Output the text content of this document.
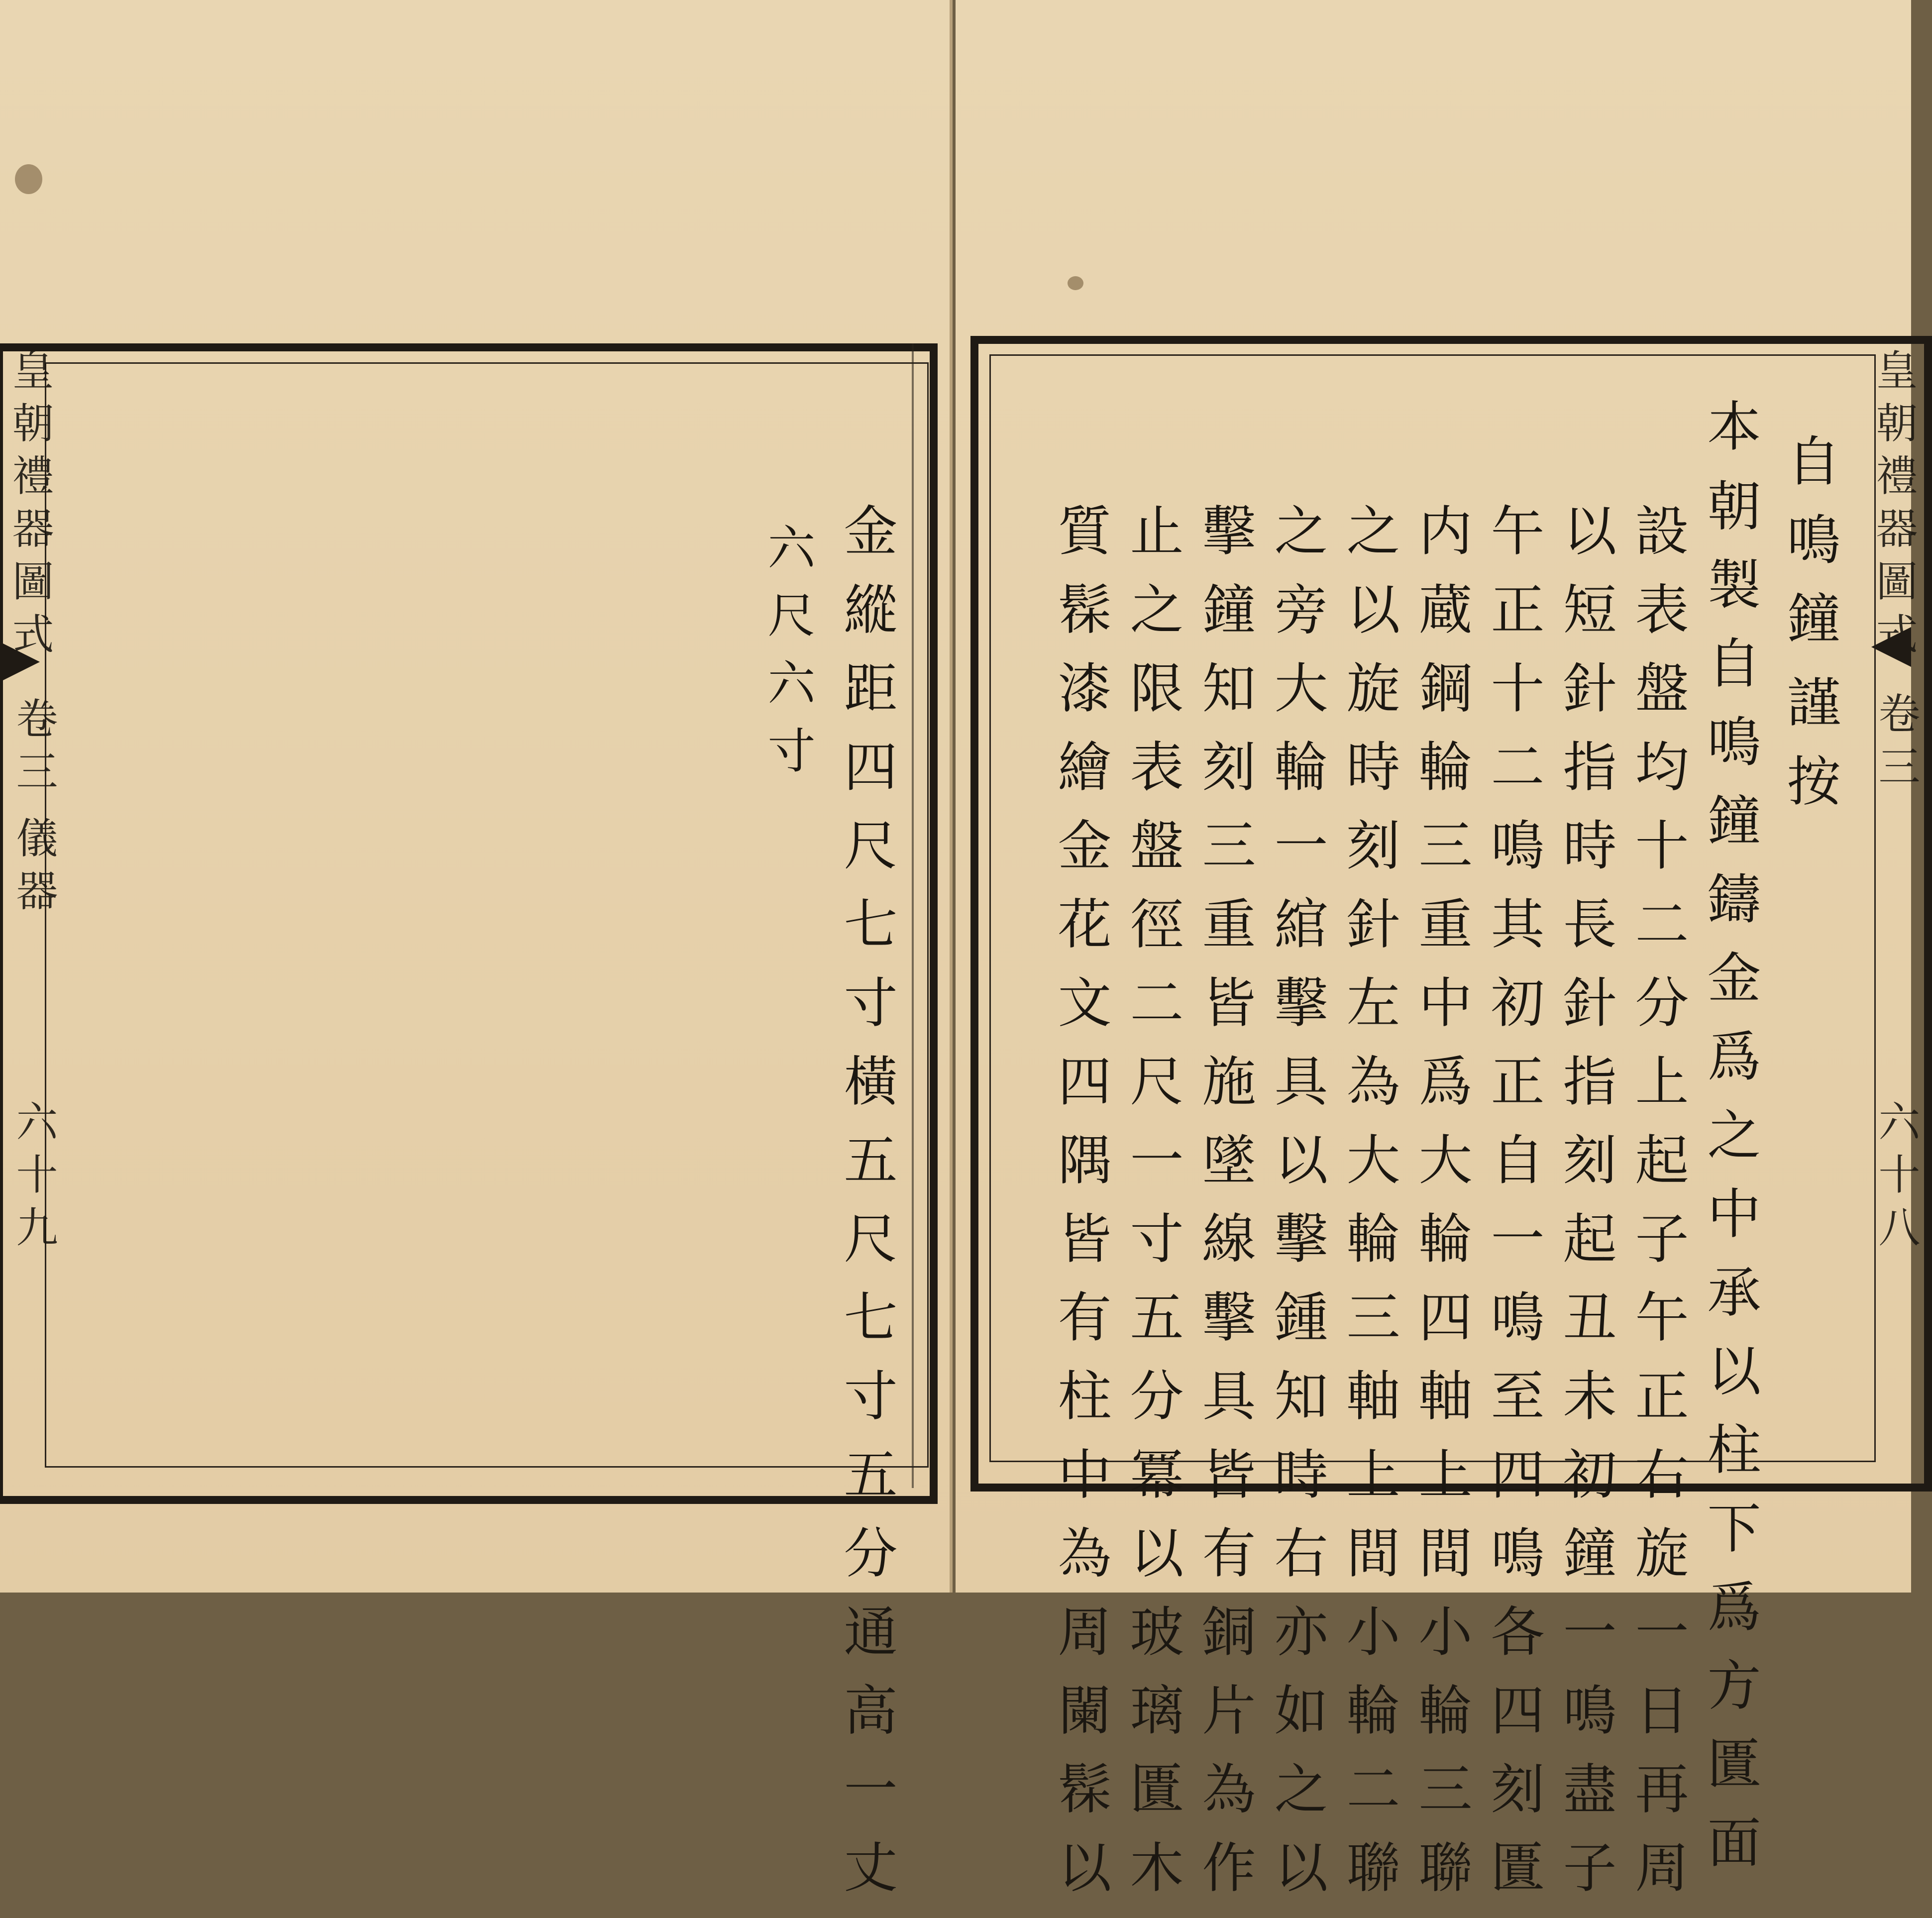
皇朝禮器圖式
卷三
儀器
六十九	金縱距四尺七寸橫五尺七寸五分通高一丈
六尺六寸	皇朝禮器圖式
卷三
六十八
自鳴鐘
謹按
本
朝製自鳴鐘鑄金爲之中承以柱下爲方匱面
設表盤均十二分上起子午正右旋一日再周
以短針指時長針指刻起丑未初鐘一鳴盡子
午正十二鳴其初正自一鳴至四鳴各四刻匱
内蔵鋼輪三重中爲大輪四軸上間小輪三聯
之以旋時刻針左為大輪三軸上間小輪二聯
之旁大輪一綰擊具以擊鍾知時右亦如之以
擊鐘知刻三重皆施墜線擊具皆有銅片為作
止之限表盤徑二尺一寸五分冪以玻璃匱木
質髹漆繪金花文四隅皆有柱中為周闌髹以
